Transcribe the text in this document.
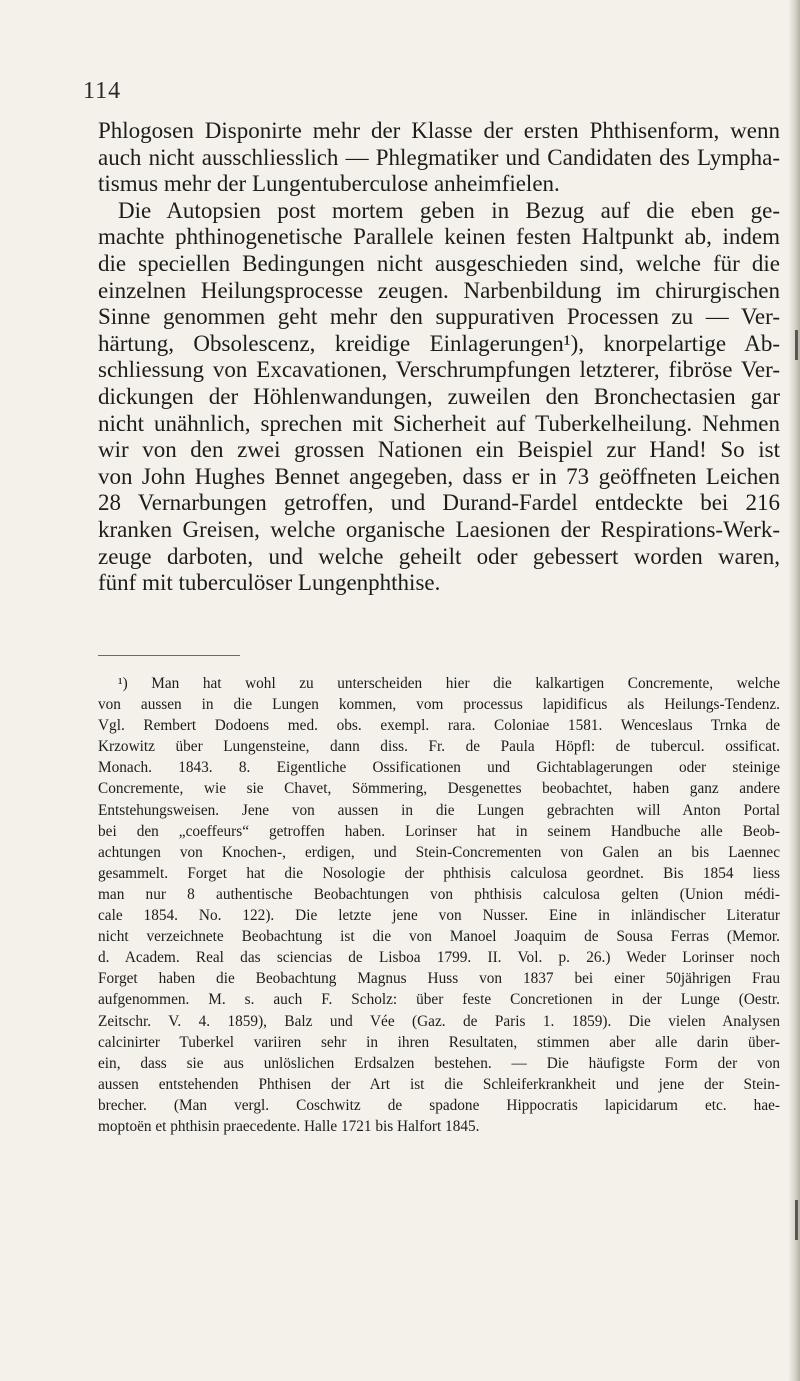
114
Phlogosen Disponirte mehr der Klasse der ersten Phthisenform, wenn
auch nicht ausschliesslich — Phlegmatiker und Candidaten des Lympha-
tismus mehr der Lungentuberculose anheimfielen.
Die Autopsien post mortem geben in Bezug auf die eben ge-
machte phthinogenetische Parallele keinen festen Haltpunkt ab, indem
die speciellen Bedingungen nicht ausgeschieden sind, welche für die
einzelnen Heilungsprocesse zeugen. Narbenbildung im chirurgischen
Sinne genommen geht mehr den suppurativen Processen zu — Ver-
härtung, Obsolescenz, kreidige Einlagerungen¹), knorpelartige Ab-
schliessung von Excavationen, Verschrumpfungen letzterer, fibröse Ver-
dickungen der Höhlenwandungen, zuweilen den Bronchectasien gar
nicht unähnlich, sprechen mit Sicherheit auf Tuberkelheilung. Nehmen
wir von den zwei grossen Nationen ein Beispiel zur Hand! So ist
von John Hughes Bennet angegeben, dass er in 73 geöffneten Leichen
28 Vernarbungen getroffen, und Durand-Fardel entdeckte bei 216
kranken Greisen, welche organische Laesionen der Respirations-Werk-
zeuge darboten, und welche geheilt oder gebessert worden waren,
fünf mit tuberculöser Lungenphthise.
¹) Man hat wohl zu unterscheiden hier die kalkartigen Concremente, welche
von aussen in die Lungen kommen, vom processus lapidificus als Heilungs-Tendenz.
Vgl. Rembert Dodoens med. obs. exempl. rara. Coloniae 1581. Wenceslaus Trnka de
Krzowitz über Lungensteine, dann diss. Fr. de Paula Höpfl: de tubercul. ossificat.
Monach. 1843. 8. Eigentliche Ossificationen und Gichtablagerungen oder steinige
Concremente, wie sie Chavet, Sömmering, Desgenettes beobachtet, haben ganz andere
Entstehungsweisen. Jene von aussen in die Lungen gebrachten will Anton Portal
bei den „coeffeurs“ getroffen haben. Lorinser hat in seinem Handbuche alle Beob-
achtungen von Knochen-, erdigen, und Stein-Concrementen von Galen an bis Laennec
gesammelt. Forget hat die Nosologie der phthisis calculosa geordnet. Bis 1854 liess
man nur 8 authentische Beobachtungen von phthisis calculosa gelten (Union médi-
cale 1854. No. 122). Die letzte jene von Nusser. Eine in inländischer Literatur
nicht verzeichnete Beobachtung ist die von Manoel Joaquim de Sousa Ferras (Memor.
d. Academ. Real das sciencias de Lisboa 1799. II. Vol. p. 26.) Weder Lorinser noch
Forget haben die Beobachtung Magnus Huss von 1837 bei einer 50jährigen Frau
aufgenommen. M. s. auch F. Scholz: über feste Concretionen in der Lunge (Oestr.
Zeitschr. V. 4. 1859), Balz und Vée (Gaz. de Paris 1. 1859). Die vielen Analysen
calcinirter Tuberkel variiren sehr in ihren Resultaten, stimmen aber alle darin über-
ein, dass sie aus unlöslichen Erdsalzen bestehen. — Die häufigste Form der von
aussen entstehenden Phthisen der Art ist die Schleiferkrankheit und jene der Stein-
brecher. (Man vergl. Coschwitz de spadone Hippocratis lapicidarum etc. hae-
moptoën et phthisin praecedente. Halle 1721 bis Halfort 1845.
